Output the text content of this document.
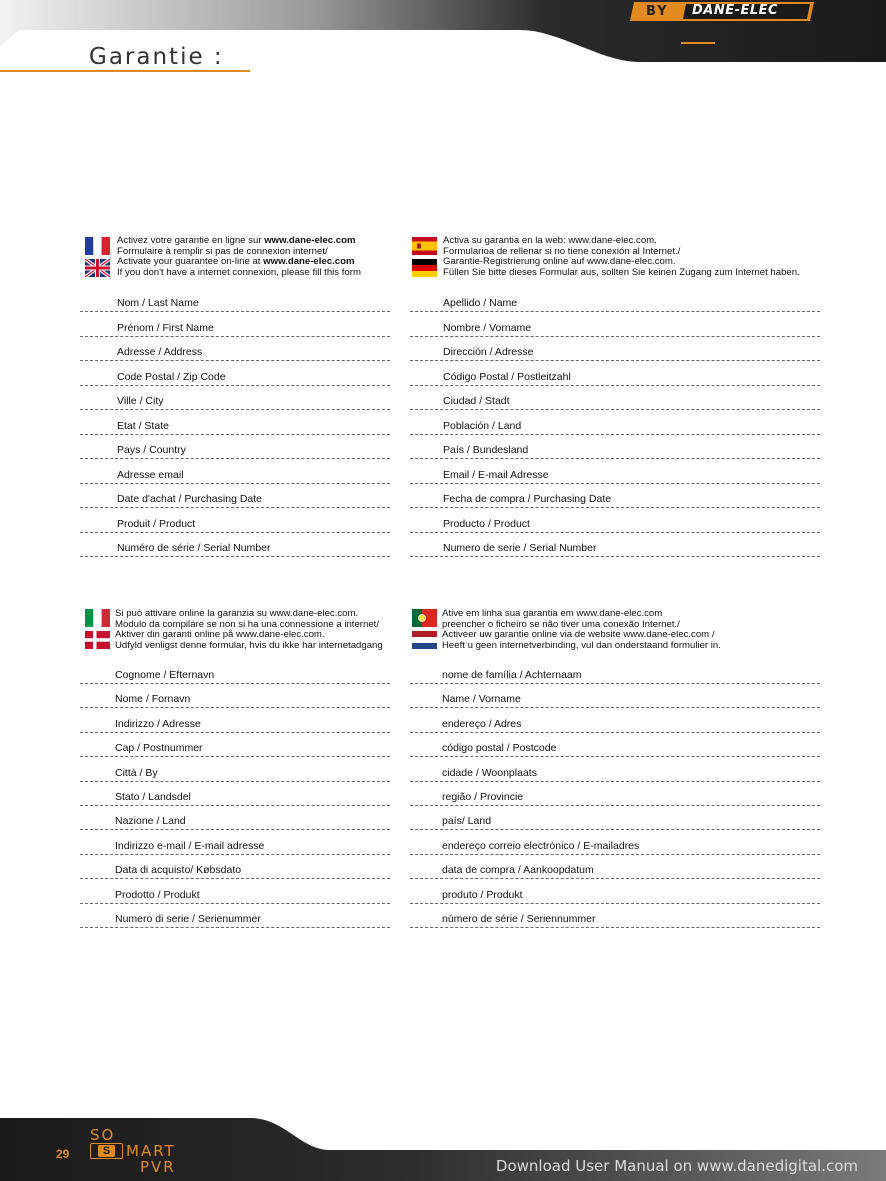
Garantie :
BY DANE-ELEC
Activez votre garantie en ligne sur www.dane-elec.com
Formulaire à remplir si pas de connexion internet/
Activate your guarantee on-line at www.dane-elec.com
If you don't have a internet connexion, please fill this form
Activa su garantia en la web: www.dane-elec.com.
Formularioa de rellenar si no tiene conexión al Internet./
Garantie-Registrierung online auf www.dane-elec.com.
Füllen Sie bitte dieses Formular aus, sollten Sie keinen Zugang zum Internet haben.
Nom / Last Name
Prénom / First Name
Adresse / Address
Code Postal / Zip Code
Ville / City
Etat / State
Pays / Country
Adresse email
Date d'achat / Purchasing Date
Produit / Product
Numéro de série / Serial Number
Apellido / Name
Nombre / Vorname
Dirección / Adresse
Código Postal / Postleitzahl
Ciudad / Stadt
Población / Land
País / Bundesland
Email / E-mail Adresse
Fecha de compra / Purchasing Date
Producto / Product
Numero de serie / Serial Number
Si può attivare online la garanzia su www.dane-elec.com.
Modulo da compilare se non si ha una connessione a internet/
Aktiver din garanti online på www.dane-elec.com.
Udfyld venligst denne formular, hvis du ikke har internetadgang
Ative em linha sua garantia em www.dane-elec.com
preencher o ficheiro se não tiver uma conexão Internet./
Activeer uw garantie online via de website www.dane-elec.com /
Heeft u geen internetverbinding, vul dan onderstaand formulier in.
Cognome / Efternavn
Nome / Fornavn
Indirizzo / Adresse
Cap / Postnummer
Città / By
Stato / Landsdel
Nazione / Land
Indirizzo e-mail / E-mail adresse
Data di acquisto/ Købsdato
Prodotto / Produkt
Numero di serie / Serienummer
nome de família / Achternaam
Name / Vorname
endereço / Adres
código postal / Postcode
cidade / Woonplaats
região / Provincie
país/ Land
endereço correio electrónico / E-mailadres
data de compra / Aankoopdatum
produto / Produkt
número de série / Seriennummer
29
SO
S	MART
PVR	Download User Manual on www.danedigital.com
